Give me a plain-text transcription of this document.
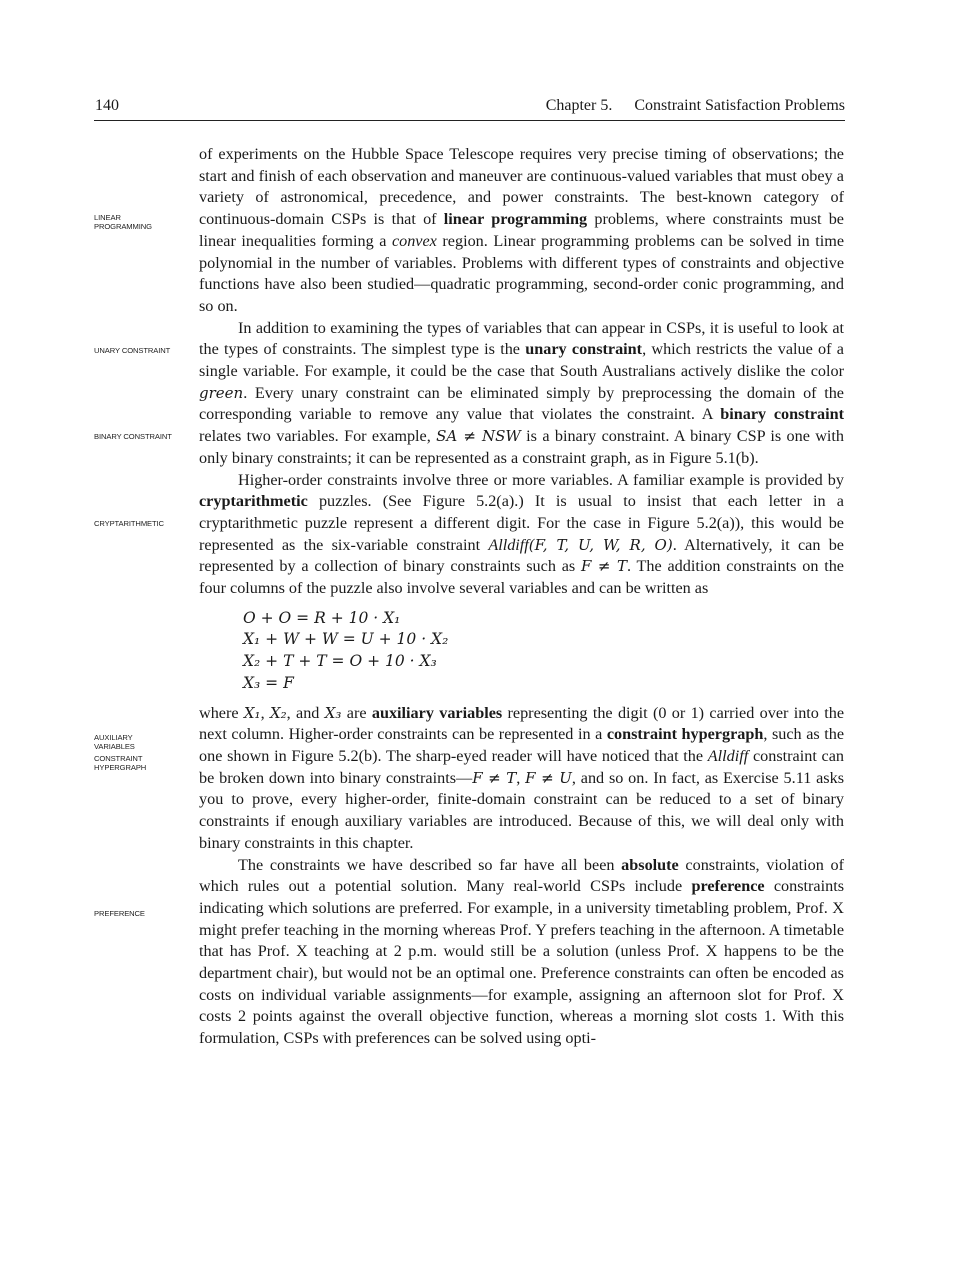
140	Chapter 5. Constraint Satisfaction Problems
LINEAR
PROGRAMMING
UNARY CONSTRAINT
BINARY CONSTRAINT
CRYPTARITHMETIC
AUXILIARY
VARIABLES
CONSTRAINT
HYPERGRAPH
PREFERENCE

of experiments on the Hubble Space Telescope requires very precise timing of observations; the start and finish of each observation and maneuver are continuous-valued variables that must obey a variety of astronomical, precedence, and power constraints. The best-known category of continuous-domain CSPs is that of linear programming problems, where constraints must be linear inequalities forming a convex region. Linear programming problems can be solved in time polynomial in the number of variables. Problems with different types of constraints and objective functions have also been studied—quadratic programming, second-order conic programming, and so on.

In addition to examining the types of variables that can appear in CSPs, it is useful to look at the types of constraints. The simplest type is the unary constraint, which restricts the value of a single variable. For example, it could be the case that South Australians actively dislike the color green. Every unary constraint can be eliminated simply by preprocessing the domain of the corresponding variable to remove any value that violates the constraint. A binary constraint relates two variables. For example, SA ≠ NSW is a binary constraint. A binary CSP is one with only binary constraints; it can be represented as a constraint graph, as in Figure 5.1(b).

Higher-order constraints involve three or more variables. A familiar example is provided by cryptarithmetic puzzles. (See Figure 5.2(a).) It is usual to insist that each letter in a cryptarithmetic puzzle represent a different digit. For the case in Figure 5.2(a)), this would be represented as the six-variable constraint Alldiff(F, T, U, W, R, O). Alternatively, it can be represented by a collection of binary constraints such as F ≠ T. The addition constraints on the four columns of the puzzle also involve several variables and can be written as

O + O = R + 10 · X₁
X₁ + W + W = U + 10 · X₂
X₂ + T + T = O + 10 · X₃
X₃ = F

where X₁, X₂, and X₃ are auxiliary variables representing the digit (0 or 1) carried over into the next column. Higher-order constraints can be represented in a constraint hypergraph, such as the one shown in Figure 5.2(b). The sharp-eyed reader will have noticed that the Alldiff constraint can be broken down into binary constraints—F ≠ T, F ≠ U, and so on. In fact, as Exercise 5.11 asks you to prove, every higher-order, finite-domain constraint can be reduced to a set of binary constraints if enough auxiliary variables are introduced. Because of this, we will deal only with binary constraints in this chapter.

The constraints we have described so far have all been absolute constraints, violation of which rules out a potential solution. Many real-world CSPs include preference constraints indicating which solutions are preferred. For example, in a university timetabling problem, Prof. X might prefer teaching in the morning whereas Prof. Y prefers teaching in the afternoon. A timetable that has Prof. X teaching at 2 p.m. would still be a solution (unless Prof. X happens to be the department chair), but would not be an optimal one. Preference constraints can often be encoded as costs on individual variable assignments—for example, assigning an afternoon slot for Prof. X costs 2 points against the overall objective function, whereas a morning slot costs 1. With this formulation, CSPs with preferences can be solved using opti-
